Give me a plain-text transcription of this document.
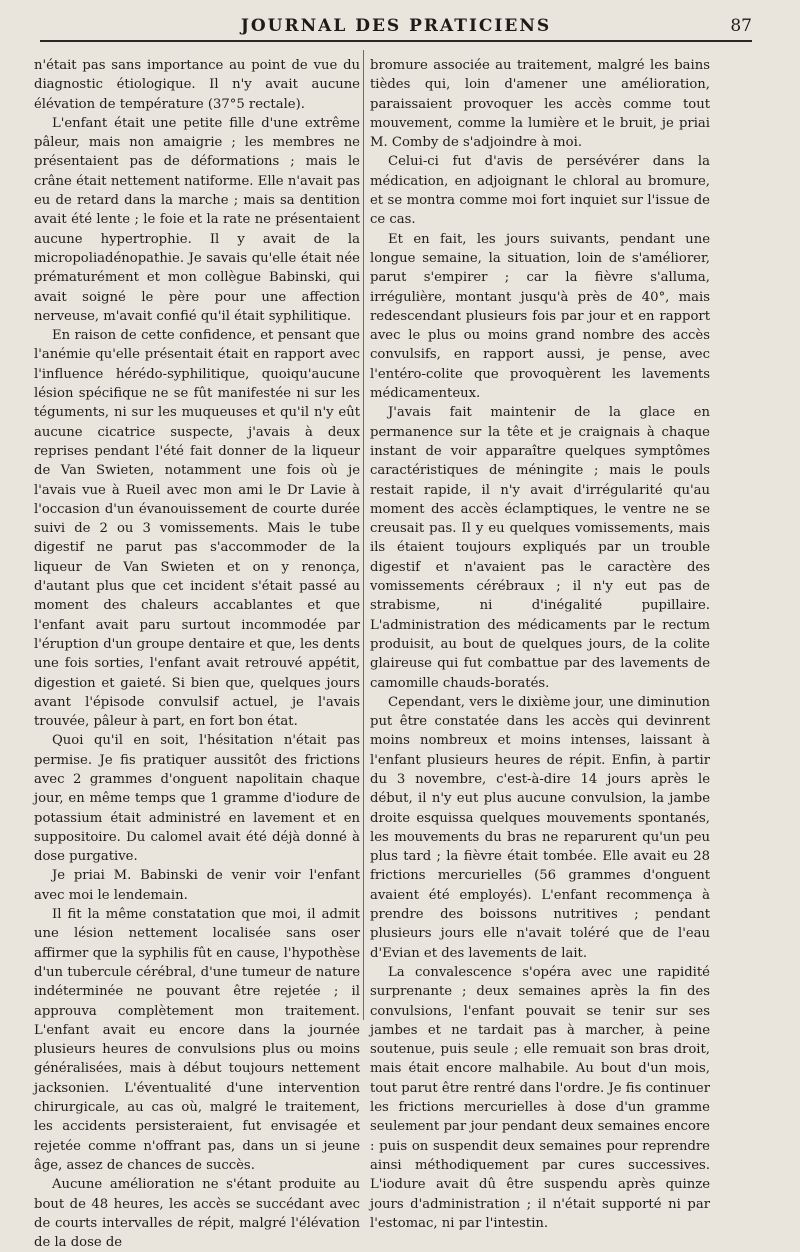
JOURNAL DES PRATICIENS	87

n'était pas sans importance au point de vue du diagnostic étiologique. Il n'y avait aucune élévation de température (37°5 rectale).

L'enfant était une petite fille d'une extrême pâleur, mais non amaigrie ; les membres ne présentaient pas de déformations ; mais le crâne était nettement natiforme. Elle n'avait pas eu de retard dans la marche ; mais sa dentition avait été lente ; le foie et la rate ne présentaient aucune hypertrophie. Il y avait de la micropoliadénopathie. Je savais qu'elle était née prématurément et mon collègue Babinski, qui avait soigné le père pour une affection nerveuse, m'avait confié qu'il était syphilitique.

En raison de cette confidence, et pensant que l'anémie qu'elle présentait était en rapport avec l'influence hérédo-syphilitique, quoiqu'aucune lésion spécifique ne se fût manifestée ni sur les téguments, ni sur les muqueuses et qu'il n'y eût aucune cicatrice suspecte, j'avais à deux reprises pendant l'été fait donner de la liqueur de Van Swieten, notamment une fois où je l'avais vue à Rueil avec mon ami le Dr Lavie à l'occasion d'un évanouissement de courte durée suivi de 2 ou 3 vomissements. Mais le tube digestif ne parut pas s'accommoder de la liqueur de Van Swieten et on y renonça, d'autant plus que cet incident s'était passé au moment des chaleurs accablantes et que l'enfant avait paru surtout incommodée par l'éruption d'un groupe dentaire et que, les dents une fois sorties, l'enfant avait retrouvé appétit, digestion et gaieté. Si bien que, quelques jours avant l'épisode convulsif actuel, je l'avais trouvée, pâleur à part, en fort bon état.

Quoi qu'il en soit, l'hésitation n'était pas permise. Je fis pratiquer aussitôt des frictions avec 2 grammes d'onguent napolitain chaque jour, en même temps que 1 gramme d'iodure de potassium était administré en lavement et en suppositoire. Du calomel avait été déjà donné à dose purgative.

Je priai M. Babinski de venir voir l'enfant avec moi le lendemain.

Il fit la même constatation que moi, il admit une lésion nettement localisée sans oser affirmer que la syphilis fût en cause, l'hypothèse d'un tubercule cérébral, d'une tumeur de nature indéterminée ne pouvant être rejetée ; il approuva complètement mon traitement. L'enfant avait eu encore dans la journée plusieurs heures de convulsions plus ou moins généralisées, mais à début toujours nettement jacksonien. L'éventualité d'une intervention chirurgicale, au cas où, malgré le traitement, les accidents persisteraient, fut envisagée et rejetée comme n'offrant pas, dans un si jeune âge, assez de chances de succès.

Aucune amélioration ne s'étant produite au bout de 48 heures, les accès se succédant avec de courts intervalles de répit, malgré l'élévation de la dose de

bromure associée au traitement, malgré les bains tièdes qui, loin d'amener une amélioration, paraissaient provoquer les accès comme tout mouvement, comme la lumière et le bruit, je priai M. Comby de s'adjoindre à moi.

Celui-ci fut d'avis de persévérer dans la médication, en adjoignant le chloral au bromure, et se montra comme moi fort inquiet sur l'issue de ce cas.

Et en fait, les jours suivants, pendant une longue semaine, la situation, loin de s'améliorer, parut s'empirer ; car la fièvre s'alluma, irrégulière, montant jusqu'à près de 40°, mais redescendant plusieurs fois par jour et en rapport avec le plus ou moins grand nombre des accès convulsifs, en rapport aussi, je pense, avec l'entéro-colite que provoquèrent les lavements médicamenteux.

J'avais fait maintenir de la glace en permanence sur la tête et je craignais à chaque instant de voir apparaître quelques symptômes caractéristiques de méningite ; mais le pouls restait rapide, il n'y avait d'irrégularité qu'au moment des accès éclamptiques, le ventre ne se creusait pas. Il y eu quelques vomissements, mais ils étaient toujours expliqués par un trouble digestif et n'avaient pas le caractère des vomissements cérébraux ; il n'y eut pas de strabisme, ni d'inégalité pupillaire. L'administration des médicaments par le rectum produisit, au bout de quelques jours, de la colite glaireuse qui fut combattue par des lavements de camomille chauds-boratés.

Cependant, vers le dixième jour, une diminution put être constatée dans les accès qui devinrent moins nombreux et moins intenses, laissant à l'enfant plusieurs heures de répit. Enfin, à partir du 3 novembre, c'est-à-dire 14 jours après le début, il n'y eut plus aucune convulsion, la jambe droite esquissa quelques mouvements spontanés, les mouvements du bras ne reparurent qu'un peu plus tard ; la fièvre était tombée. Elle avait eu 28 frictions mercurielles (56 grammes d'onguent avaient été employés). L'enfant recommença à prendre des boissons nutritives ; pendant plusieurs jours elle n'avait toléré que de l'eau d'Evian et des lavements de lait.

La convalescence s'opéra avec une rapidité surprenante ; deux semaines après la fin des convulsions, l'enfant pouvait se tenir sur ses jambes et ne tardait pas à marcher, à peine soutenue, puis seule ; elle remuait son bras droit, mais était encore malhabile. Au bout d'un mois, tout parut être rentré dans l'ordre. Je fis continuer les frictions mercurielles à dose d'un gramme seulement par jour pendant deux semaines encore : puis on suspendit deux semaines pour reprendre ainsi méthodiquement par cures successives. L'iodure avait dû être suspendu après quinze jours d'administration ; il n'était supporté ni par l'estomac, ni par l'intestin.
